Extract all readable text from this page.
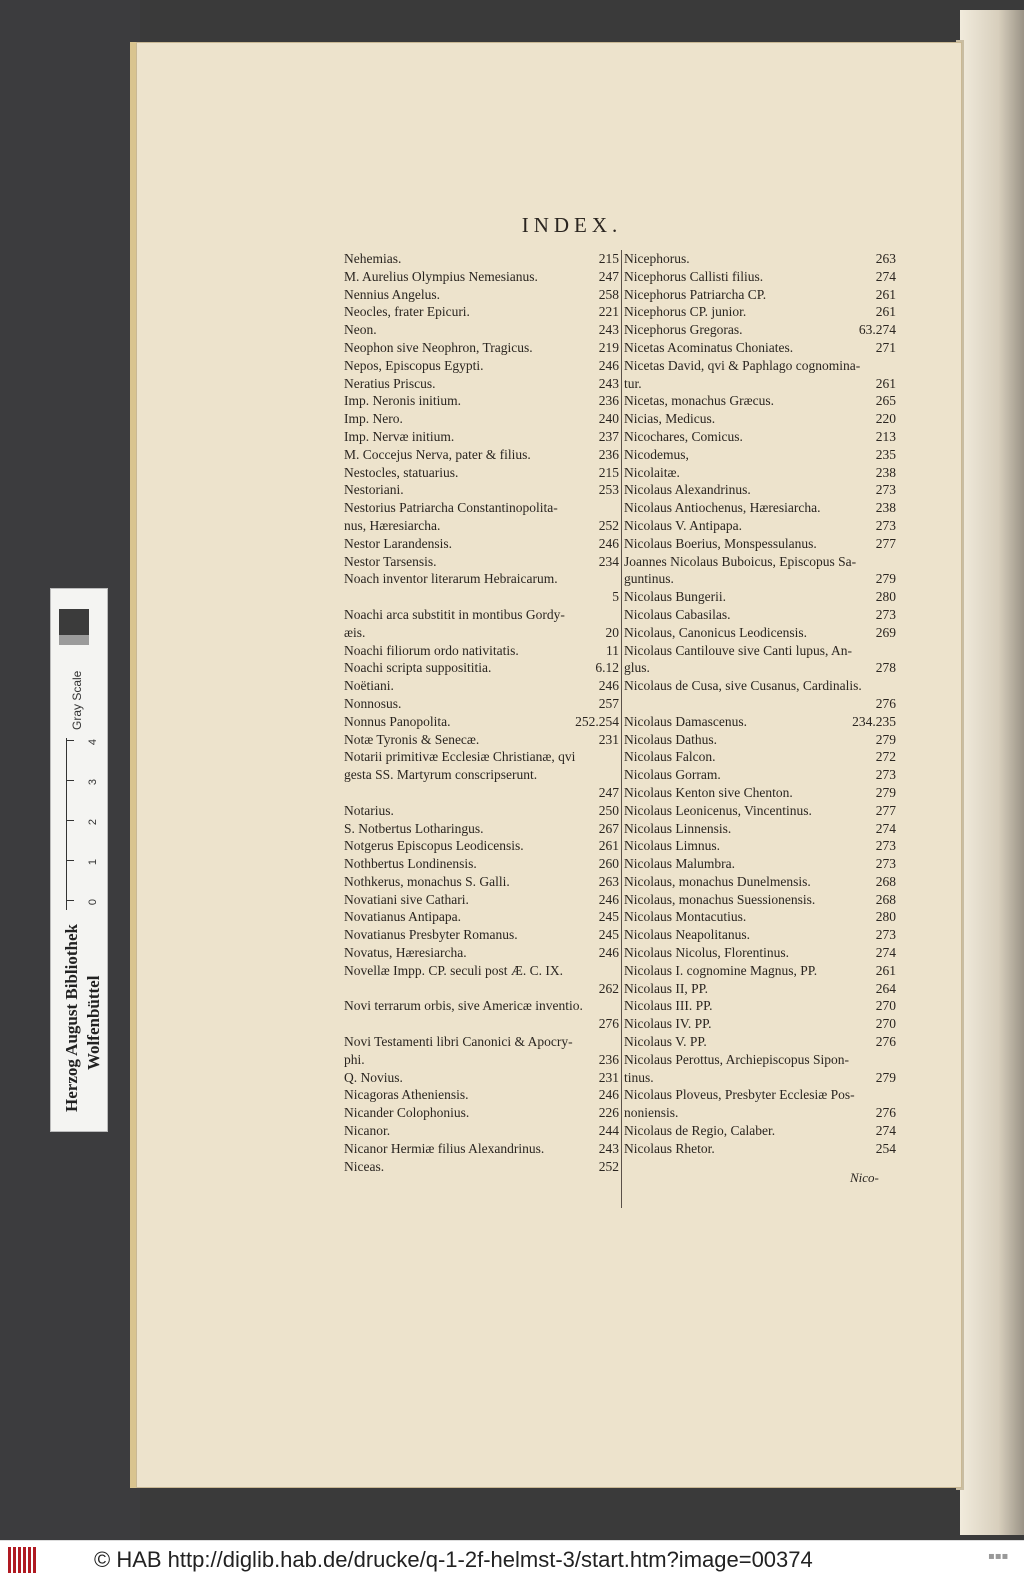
0
1
2
3
4
Gray Scale
Herzog August Bibliothek Wolfenbüttel
INDEX.
Nehemias.	215
M. Aurelius Olympius Nemesianus.	247
Nennius Angelus.	258
Neocles, frater Epicuri.	221
Neon.	243
Neophon sive Neophron, Tragicus.	219
Nepos, Episcopus Egypti.	246
Neratius Priscus.	243
Imp. Neronis initium.	236
Imp. Nero.	240
Imp. Nervæ initium.	237
M. Coccejus Nerva, pater & filius.	236
Nestocles, statuarius.	215
Nestoriani.	253
Nestorius Patriarcha Constantinopolita-
nus, Hæresiarcha.	252
Nestor Larandensis.	246
Nestor Tarsensis.	234
Noach inventor literarum Hebraicarum.
5
Noachi arca substitit in montibus Gordy-
æis.	20
Noachi filiorum ordo nativitatis.	11
Noachi scripta supposititia.	6.12
Noëtiani.	246
Nonnosus.	257
Nonnus Panopolita.	252.254
Notæ Tyronis & Senecæ.	231
Notarii primitivæ Ecclesiæ Christianæ, qvi
gesta SS. Martyrum conscripserunt.
247
Notarius.	250
S. Notbertus Lotharingus.	267
Notgerus Episcopus Leodicensis.	261
Nothbertus Londinensis.	260
Nothkerus, monachus S. Galli.	263
Novatiani sive Cathari.	246
Novatianus Antipapa.	245
Novatianus Presbyter Romanus.	245
Novatus, Hæresiarcha.	246
Novellæ Impp. CP. seculi post Æ. C. IX.
262
Novi terrarum orbis, sive Americæ inventio.
276
Novi Testamenti libri Canonici & Apocry-
phi.	236
Q. Novius.	231
Nicagoras Atheniensis.	246
Nicander Colophonius.	226
Nicanor.	244
Nicanor Hermiæ filius Alexandrinus.	243
Niceas.	252
Nicephorus.	263
Nicephorus Callisti filius.	274
Nicephorus Patriarcha CP.	261
Nicephorus CP. junior.	261
Nicephorus Gregoras.	63.274
Nicetas Acominatus Choniates.	271
Nicetas David, qvi & Paphlago cognomina-
tur.	261
Nicetas, monachus Græcus.	265
Nicias, Medicus.	220
Nicochares, Comicus.	213
Nicodemus,	235
Nicolaitæ.	238
Nicolaus Alexandrinus.	273
Nicolaus Antiochenus, Hæresiarcha.	238
Nicolaus V. Antipapa.	273
Nicolaus Boerius, Monspessulanus.	277
Joannes Nicolaus Buboicus, Episcopus Sa-
guntinus.	279
Nicolaus Bungerii.	280
Nicolaus Cabasilas.	273
Nicolaus, Canonicus Leodicensis.	269
Nicolaus Cantilouve sive Canti lupus, An-
glus.	278
Nicolaus de Cusa, sive Cusanus, Cardinalis.
276
Nicolaus Damascenus.	234.235
Nicolaus Dathus.	279
Nicolaus Falcon.	272
Nicolaus Gorram.	273
Nicolaus Kenton sive Chenton.	279
Nicolaus Leonicenus, Vincentinus.	277
Nicolaus Linnensis.	274
Nicolaus Limnus.	273
Nicolaus Malumbra.	273
Nicolaus, monachus Dunelmensis.	268
Nicolaus, monachus Suessionensis.	268
Nicolaus Montacutius.	280
Nicolaus Neapolitanus.	273
Nicolaus Nicolus, Florentinus.	274
Nicolaus I. cognomine Magnus, PP.	261
Nicolaus II, PP.	264
Nicolaus III. PP.	270
Nicolaus IV. PP.	270
Nicolaus V. PP.	276
Nicolaus Perottus, Archiepiscopus Sipon-
tinus.	279
Nicolaus Ploveus, Presbyter Ecclesiæ Pos-
noniensis.	276
Nicolaus de Regio, Calaber.	274
Nicolaus Rhetor.	254
Nico-
© HAB http://diglib.hab.de/drucke/q-1-2f-helmst-3/start.htm?image=00374	▪▪▪
